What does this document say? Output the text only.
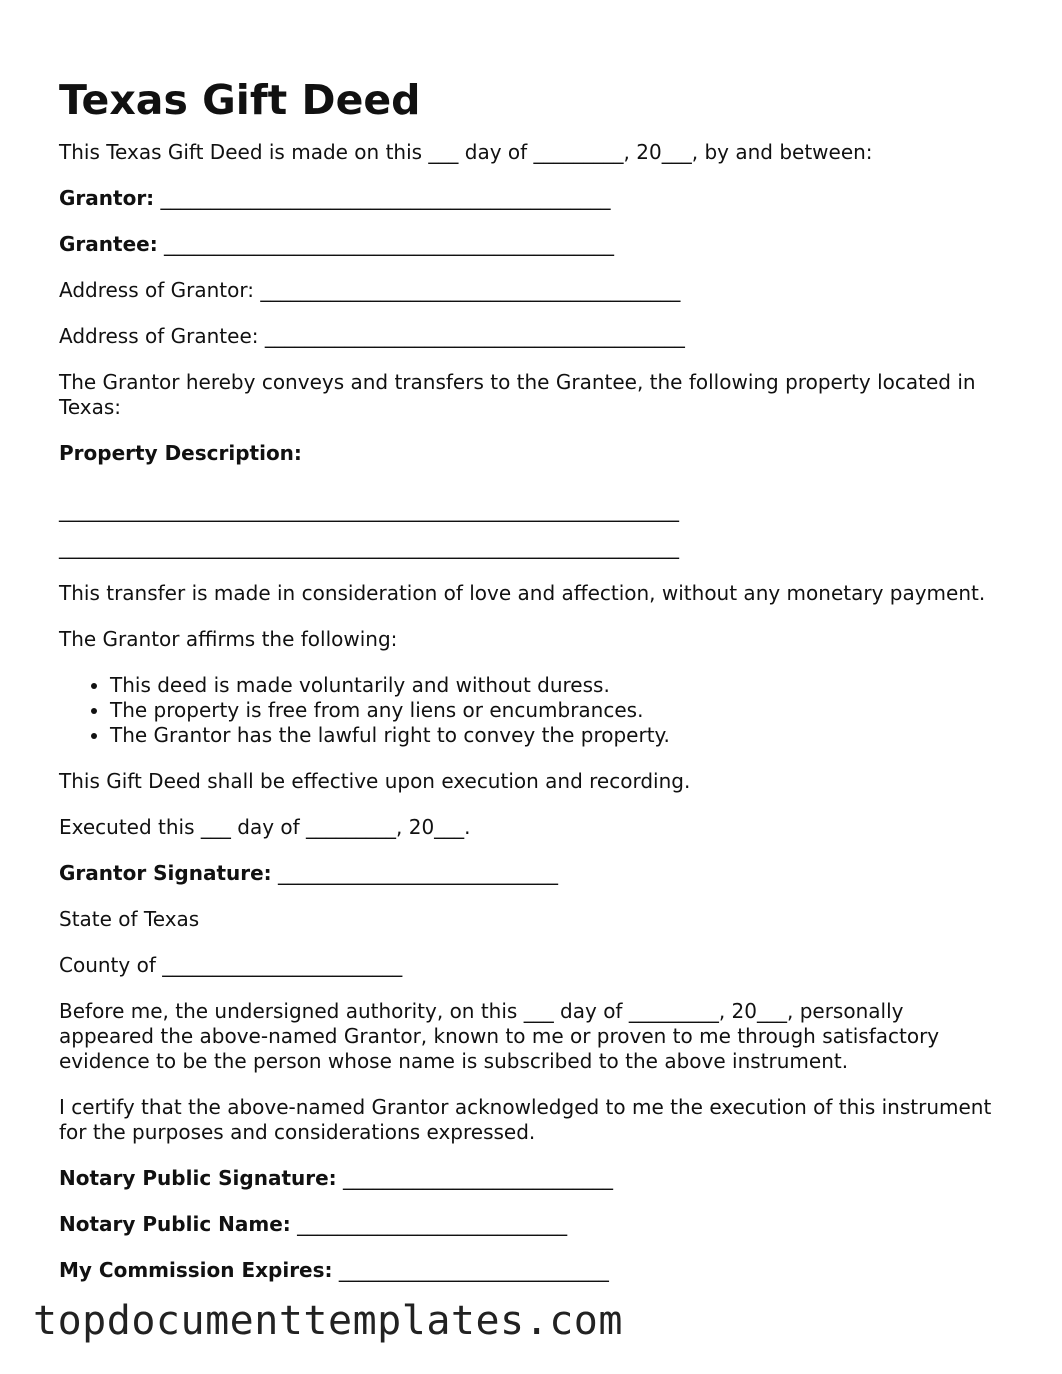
Texas Gift Deed

This Texas Gift Deed is made on this ___ day of _________, 20___, by and between:

Grantor: _____________________________________________

Grantee: _____________________________________________

Address of Grantor: __________________________________________

Address of Grantee: __________________________________________

The Grantor hereby conveys and transfers to the Grantee, the following property located in Texas:

Property Description:

______________________________________________________________
______________________________________________________________

This transfer is made in consideration of love and affection, without any monetary payment.

The Grantor affirms the following:

• This deed is made voluntarily and without duress.
• The property is free from any liens or encumbrances.
• The Grantor has the lawful right to convey the property.

This Gift Deed shall be effective upon execution and recording.

Executed this ___ day of _________, 20___.

Grantor Signature: ____________________________

State of Texas

County of ________________________

Before me, the undersigned authority, on this ___ day of _________, 20___, personally appeared the above-named Grantor, known to me or proven to me through satisfactory evidence to be the person whose name is subscribed to the above instrument.

I certify that the above-named Grantor acknowledged to me the execution of this instrument for the purposes and considerations expressed.

Notary Public Signature: ___________________________

Notary Public Name: ___________________________

My Commission Expires: ___________________________

topdocumenttemplates.com
